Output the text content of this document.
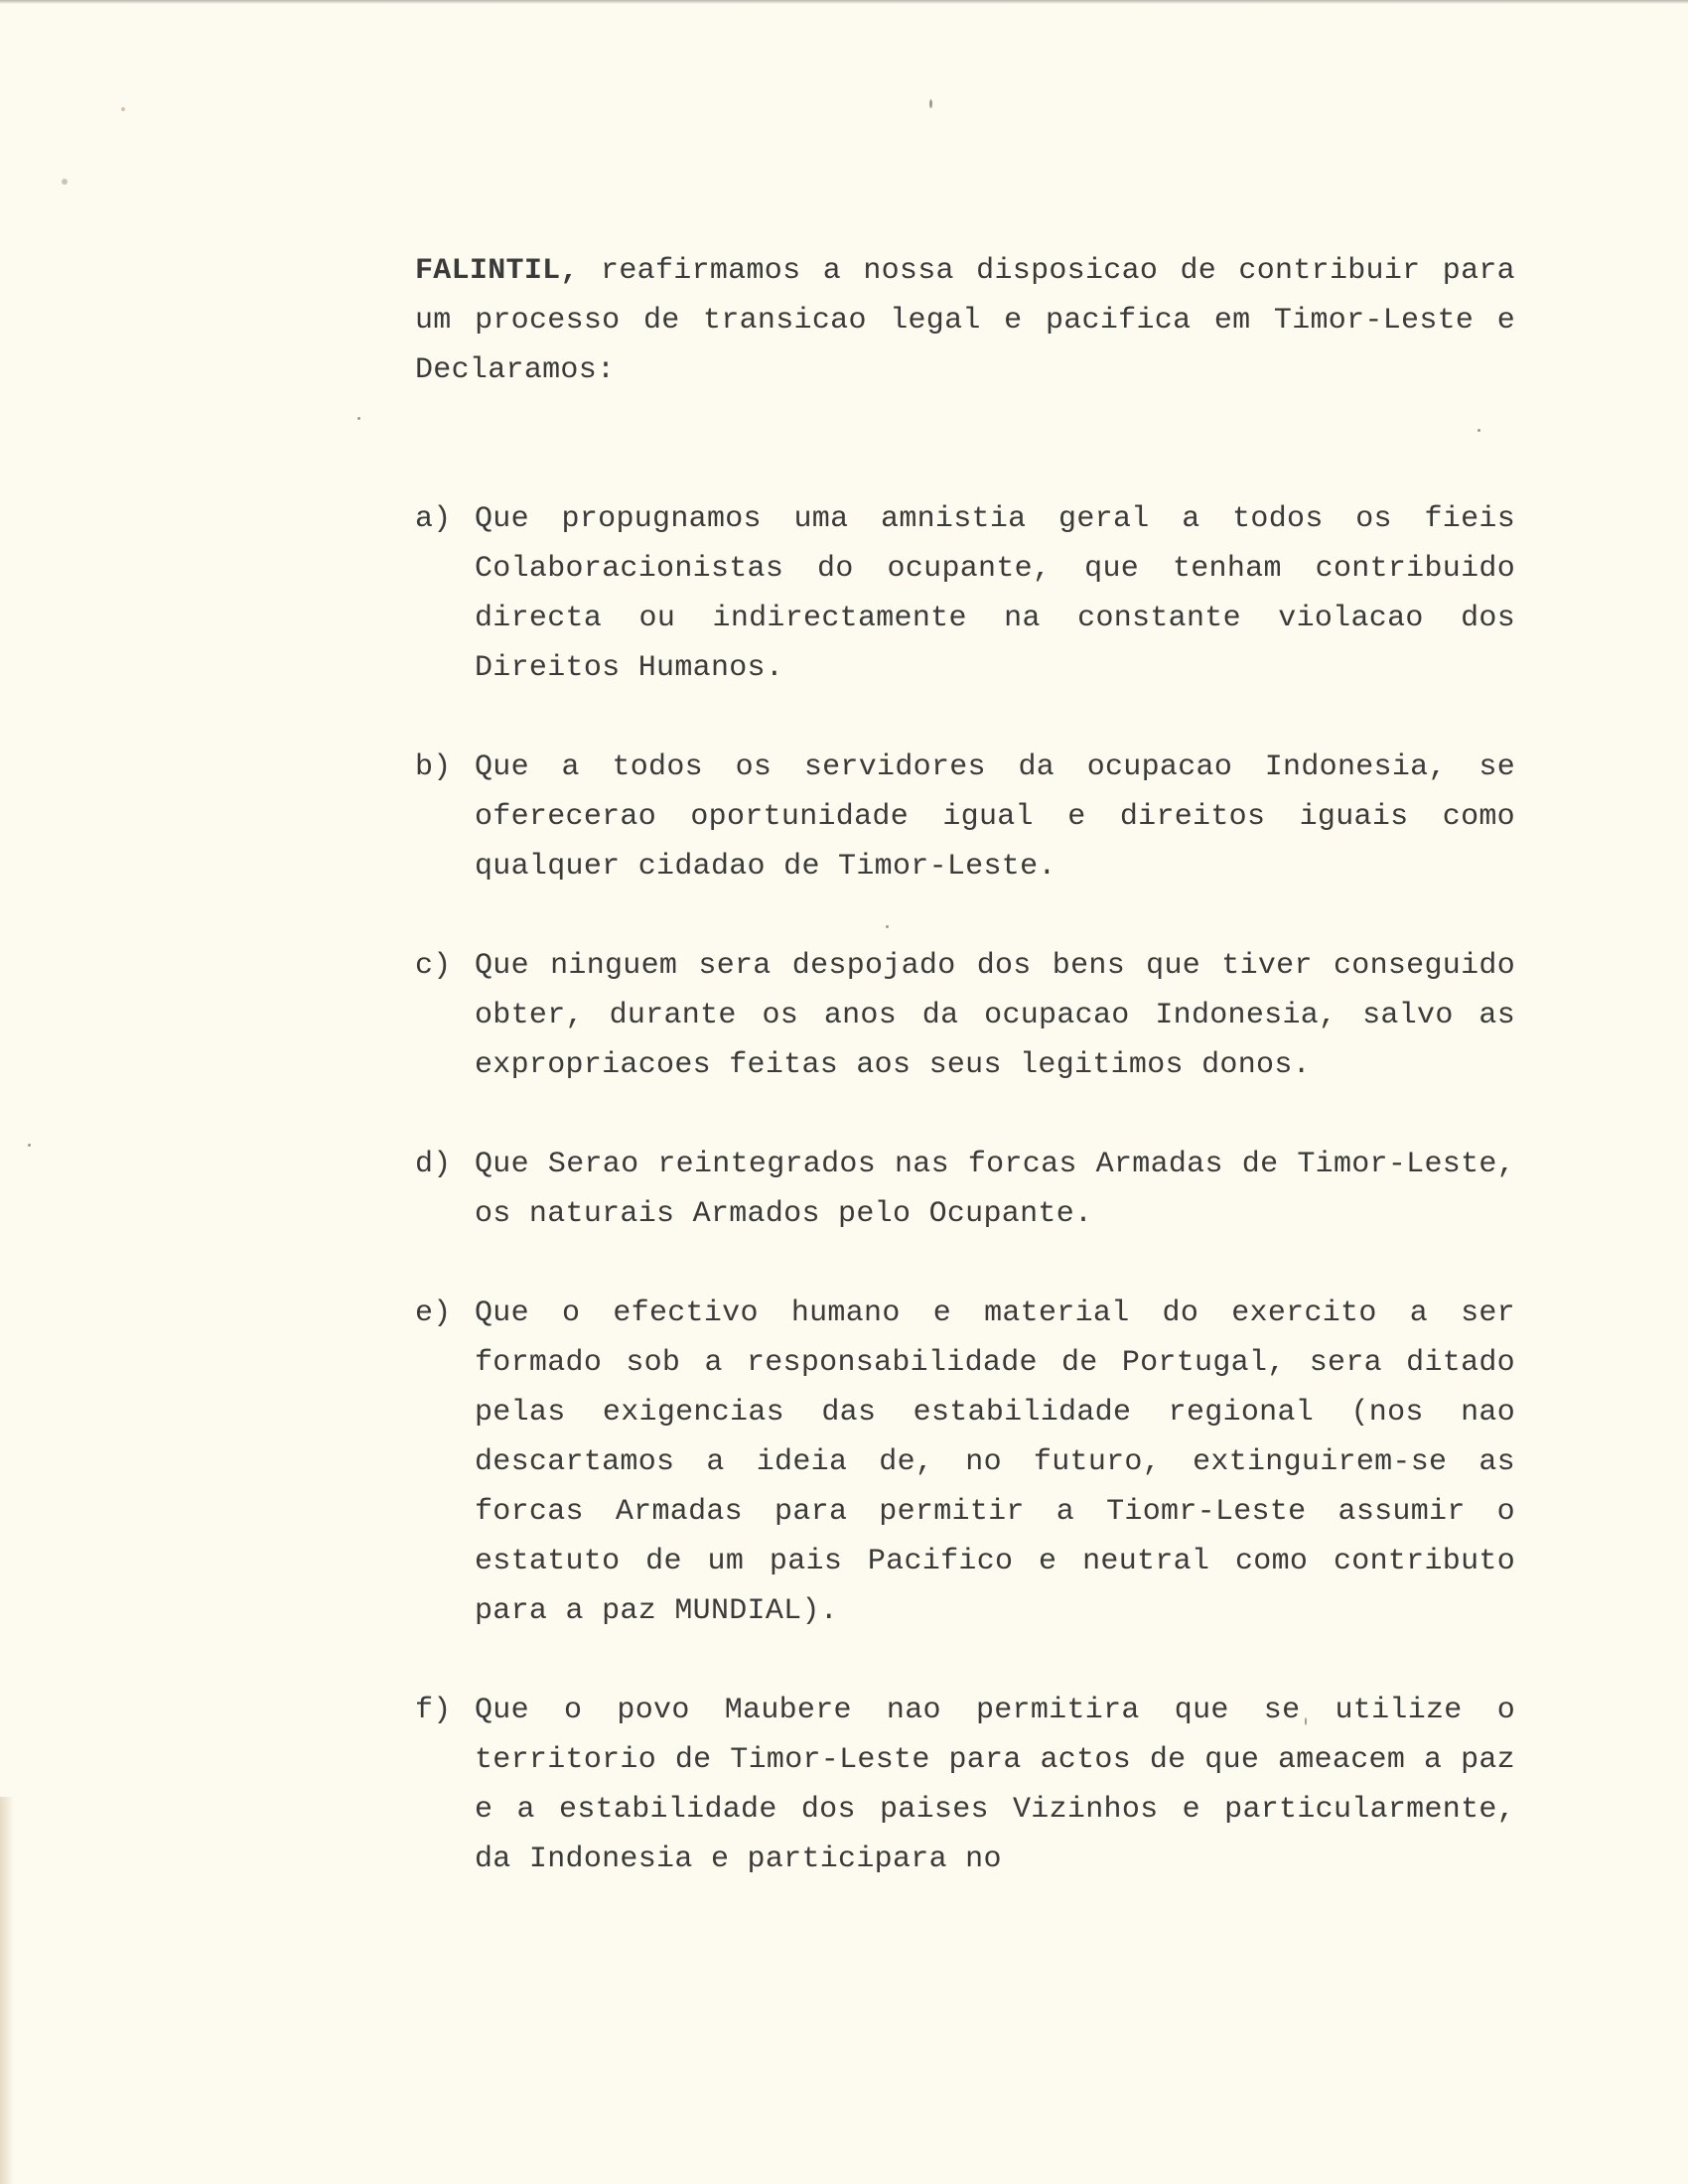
FALINTIL, reafirmamos a nossa disposicao de contribuir para um processo de transicao legal e pacifica em Timor-Leste e Declaramos:

a) Que propugnamos uma amnistia geral a todos os fieis Colaboracionistas do ocupante, que tenham contribuido directa ou indirectamente na constante violacao dos Direitos Humanos.
b) Que a todos os servidores da ocupacao Indonesia, se oferecerao oportunidade igual e direitos iguais como qualquer cidadao de Timor-Leste.
c) Que ninguem sera despojado dos bens que tiver conseguido obter, durante os anos da ocupacao Indonesia, salvo as expropriacoes feitas aos seus legitimos donos.
d) Que Serao reintegrados nas forcas Armadas de Timor-Leste, os naturais Armados pelo Ocupante.
e) Que o efectivo humano e material do exercito a ser formado sob a responsabilidade de Portugal, sera ditado pelas exigencias das estabilidade regional (nos nao descartamos a ideia de, no futuro, extinguirem-se as forcas Armadas para permitir a Tiomr-Leste assumir o estatuto de um pais Pacifico e neutral como contributo para a paz MUNDIAL).
f) Que o povo Maubere nao permitira que se utilize o territorio de Timor-Leste para actos de que ameacem a paz e a estabilidade dos paises Vizinhos e particularmente, da Indonesia e participara no
